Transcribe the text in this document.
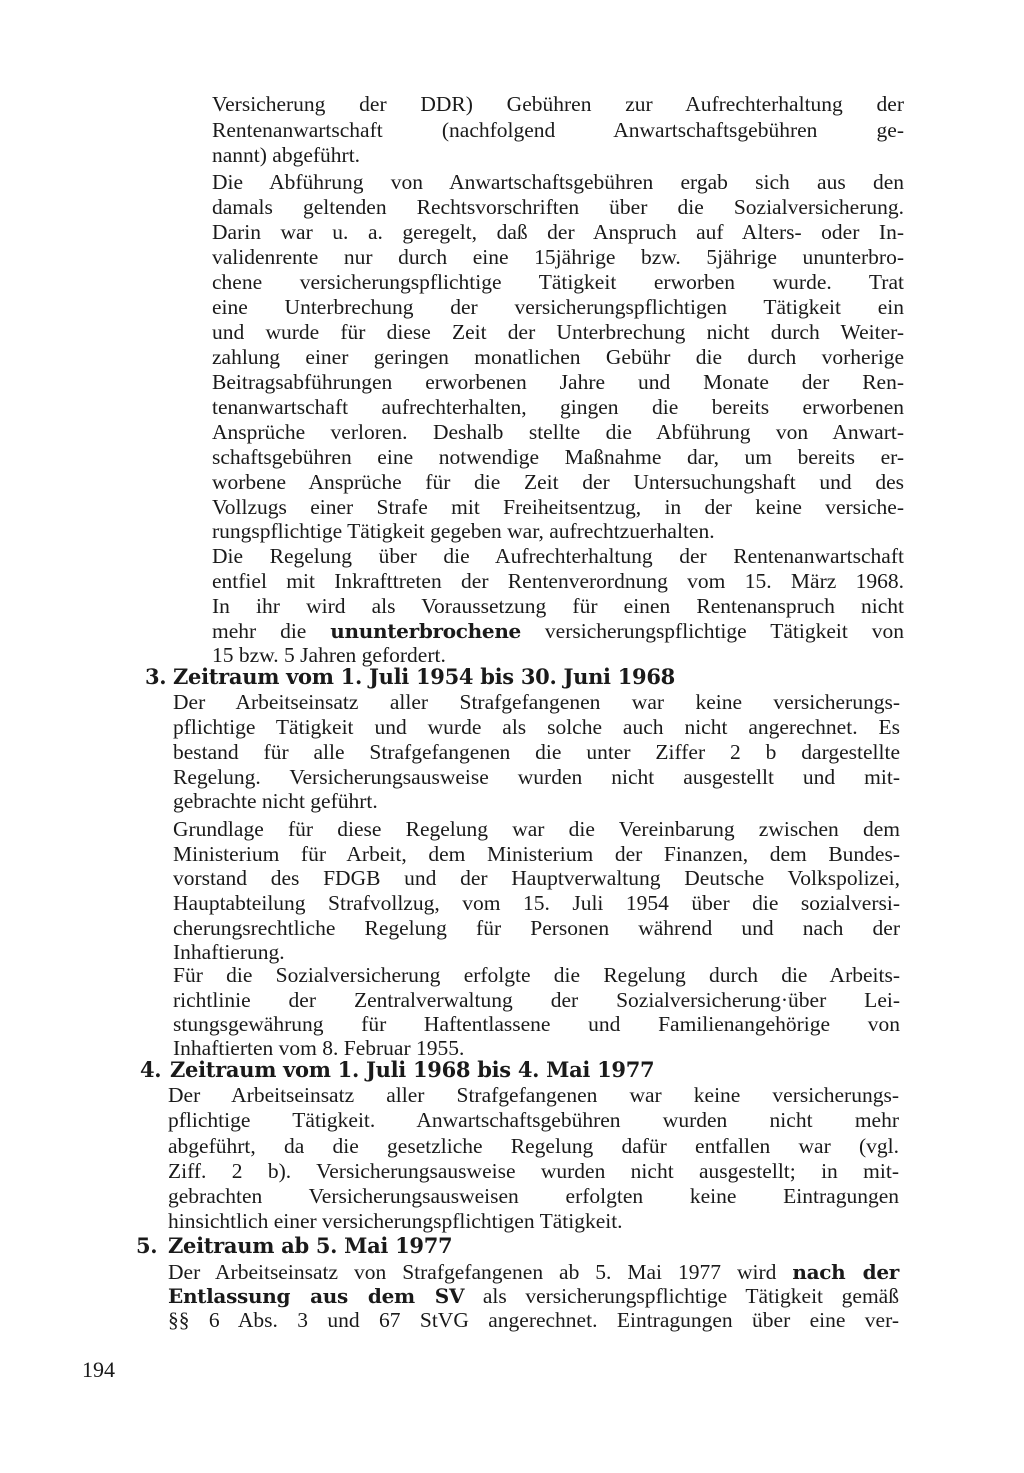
Versicherung der DDR) Gebühren zur Aufrechterhaltung der
Rentenanwartschaft (nachfolgend Anwartschaftsgebühren ge-
nannt) abgeführt.
Die Abführung von Anwartschaftsgebühren ergab sich aus den
damals geltenden Rechtsvorschriften über die Sozialversicherung.
Darin war u. a. geregelt, daß der Anspruch auf Alters- oder In-
validenrente nur durch eine 15jährige bzw. 5jährige ununterbro-
chene versicherungspflichtige Tätigkeit erworben wurde. Trat
eine Unterbrechung der versicherungspflichtigen Tätigkeit ein
und wurde für diese Zeit der Unterbrechung nicht durch Weiter-
zahlung einer geringen monatlichen Gebühr die durch vorherige
Beitragsabführungen erworbenen Jahre und Monate der Ren-
tenanwartschaft aufrechterhalten, gingen die bereits erworbenen
Ansprüche verloren. Deshalb stellte die Abführung von Anwart-
schaftsgebühren eine notwendige Maßnahme dar, um bereits er-
worbene Ansprüche für die Zeit der Untersuchungshaft und des
Vollzugs einer Strafe mit Freiheitsentzug, in der keine versiche-
rungspflichtige Tätigkeit gegeben war, aufrechtzuerhalten.
Die Regelung über die Aufrechterhaltung der Rentenanwartschaft
entfiel mit Inkrafttreten der Rentenverordnung vom 15. März 1968.
In ihr wird als Voraussetzung für einen Rentenanspruch nicht
mehr die ununterbrochene versicherungspflichtige Tätigkeit von
15 bzw. 5 Jahren gefordert.
3. Zeitraum vom 1. Juli 1954 bis 30. Juni 1968
Der Arbeitseinsatz aller Strafgefangenen war keine versicherungs-
pflichtige Tätigkeit und wurde als solche auch nicht angerechnet. Es
bestand für alle Strafgefangenen die unter Ziffer 2 b dargestellte
Regelung. Versicherungsausweise wurden nicht ausgestellt und mit-
gebrachte nicht geführt.
Grundlage für diese Regelung war die Vereinbarung zwischen dem
Ministerium für Arbeit, dem Ministerium der Finanzen, dem Bundes-
vorstand des FDGB und der Hauptverwaltung Deutsche Volkspolizei,
Hauptabteilung Strafvollzug, vom 15. Juli 1954 über die sozialversi-
cherungsrechtliche Regelung für Personen während und nach der
Inhaftierung.
Für die Sozialversicherung erfolgte die Regelung durch die Arbeits-
richtlinie der Zentralverwaltung der Sozialversicherung·über Lei-
stungsgewährung für Haftentlassene und Familienangehörige von
Inhaftierten vom 8. Februar 1955.
4. Zeitraum vom 1. Juli 1968 bis 4. Mai 1977
Der Arbeitseinsatz aller Strafgefangenen war keine versicherungs-
pflichtige Tätigkeit. Anwartschaftsgebühren wurden nicht mehr
abgeführt, da die gesetzliche Regelung dafür entfallen war (vgl.
Ziff. 2 b). Versicherungsausweise wurden nicht ausgestellt; in mit-
gebrachten Versicherungsausweisen erfolgten keine Eintragungen
hinsichtlich einer versicherungspflichtigen Tätigkeit.
5. Zeitraum ab 5. Mai 1977
Der Arbeitseinsatz von Strafgefangenen ab 5. Mai 1977 wird nach der
Entlassung aus dem SV als versicherungspflichtige Tätigkeit gemäß
§§ 6 Abs. 3 und 67 StVG angerechnet. Eintragungen über eine ver-
194
